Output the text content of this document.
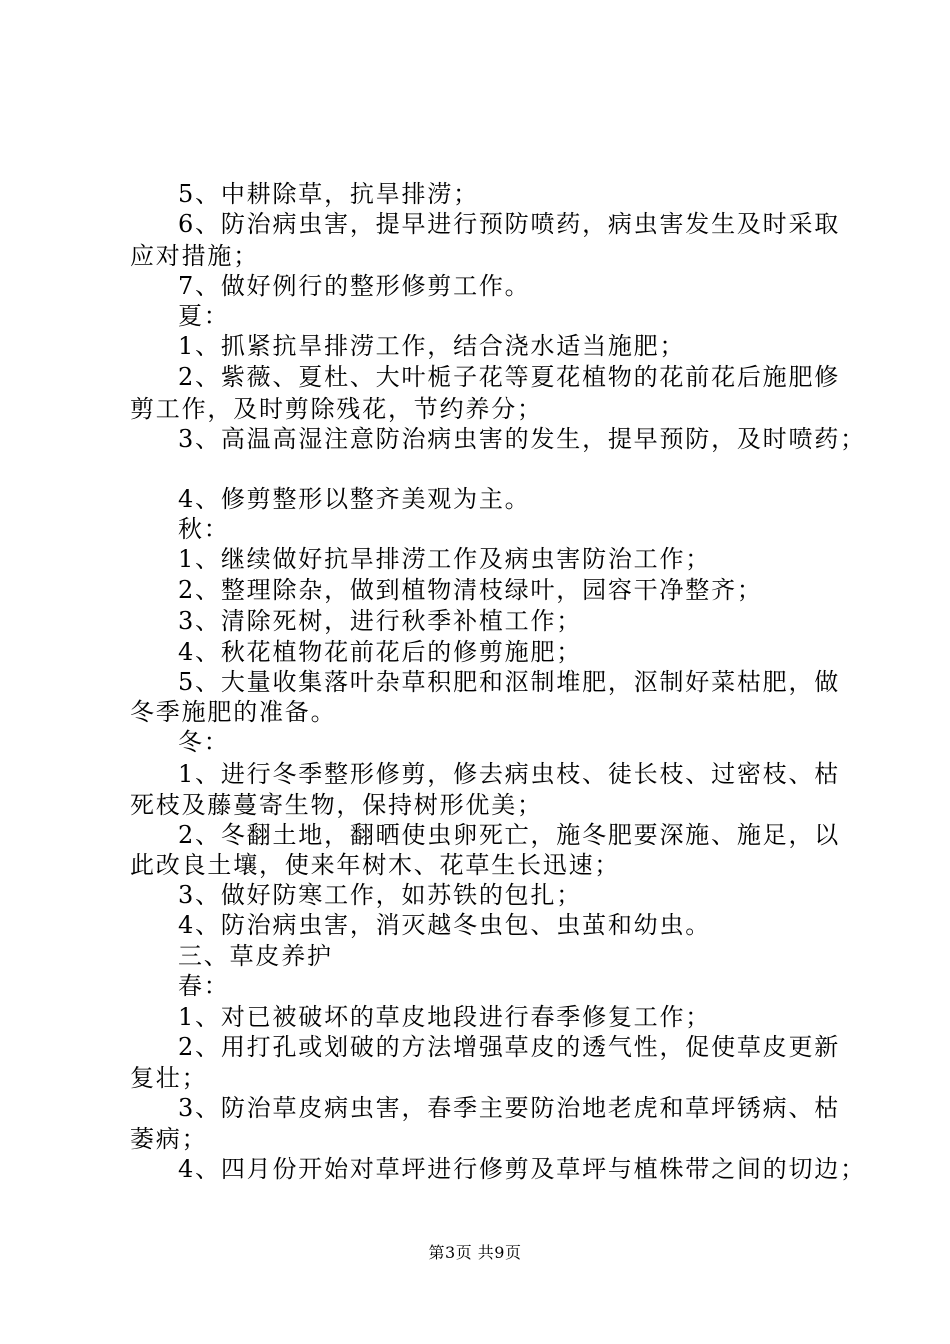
5、中耕除草，抗旱排涝；
6、防治病虫害，提早进行预防喷药，病虫害发生及时采取
应对措施；
7、做好例行的整形修剪工作。
夏：
1、抓紧抗旱排涝工作，结合浇水适当施肥；
2、紫薇、夏杜、大叶栀子花等夏花植物的花前花后施肥修
剪工作，及时剪除残花，节约养分；
3、高温高湿注意防治病虫害的发生，提早预防，及时喷药；
4、修剪整形以整齐美观为主。
秋：
1、继续做好抗旱排涝工作及病虫害防治工作；
2、整理除杂，做到植物清枝绿叶，园容干净整齐；
3、清除死树，进行秋季补植工作；
4、秋花植物花前花后的修剪施肥；
5、大量收集落叶杂草积肥和沤制堆肥，沤制好菜枯肥，做
冬季施肥的准备。
冬：
1、进行冬季整形修剪，修去病虫枝、徒长枝、过密枝、枯
死枝及藤蔓寄生物，保持树形优美；
2、冬翻土地，翻晒使虫卵死亡，施冬肥要深施、施足，以
此改良土壤，使来年树木、花草生长迅速；
3、做好防寒工作，如苏铁的包扎；
4、防治病虫害，消灭越冬虫包、虫茧和幼虫。
三、草皮养护
春：
1、对已被破坏的草皮地段进行春季修复工作；
2、用打孔或划破的方法增强草皮的透气性，促使草皮更新
复壮；
3、防治草皮病虫害，春季主要防治地老虎和草坪锈病、枯
萎病；
4、四月份开始对草坪进行修剪及草坪与植株带之间的切边；
第3页 共9页
